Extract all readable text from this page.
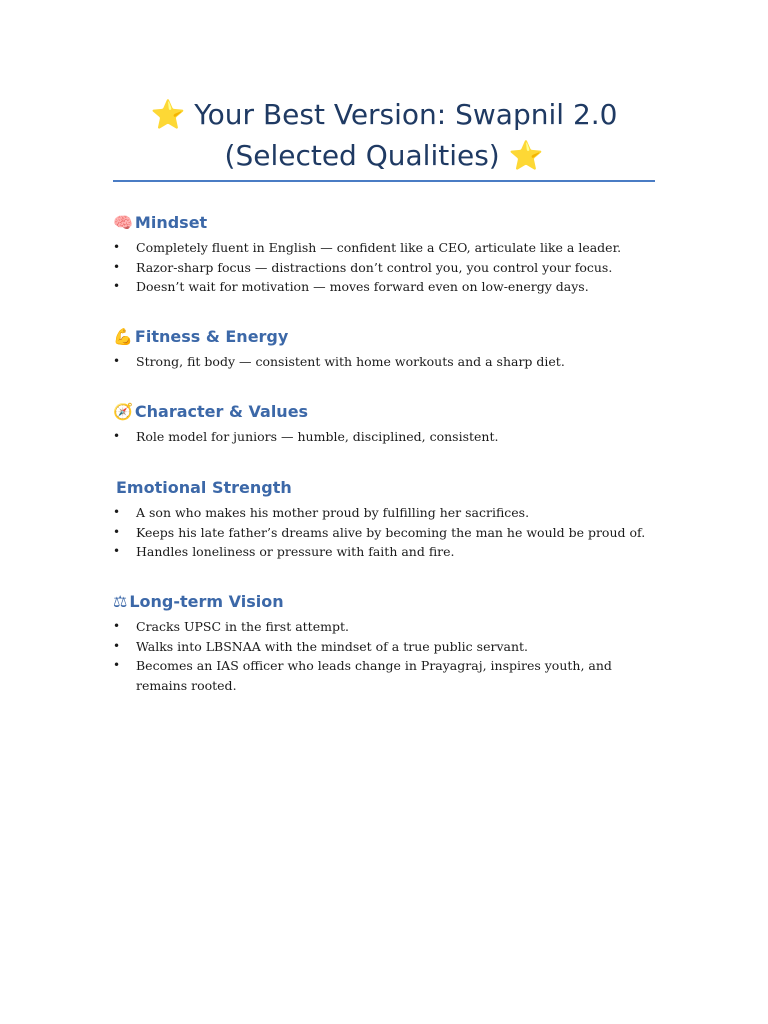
⭐ Your Best Version: Swapnil 2.0
(Selected Qualities) ⭐
🧠 Mindset
• Completely fluent in English — confident like a CEO, articulate like a leader.
• Razor-sharp focus — distractions don’t control you, you control your focus.
• Doesn’t wait for motivation — moves forward even on low-energy days.
💪 Fitness & Energy
• Strong, fit body — consistent with home workouts and a sharp diet.
🧭 Character & Values
• Role model for juniors — humble, disciplined, consistent.
Emotional Strength
• A son who makes his mother proud by fulfilling her sacrifices.
• Keeps his late father’s dreams alive by becoming the man he would be proud of.
• Handles loneliness or pressure with faith and fire.
⚖ Long-term Vision
• Cracks UPSC in the first attempt.
• Walks into LBSNAA with the mindset of a true public servant.
• Becomes an IAS officer who leads change in Prayagraj, inspires youth, and remains rooted.
